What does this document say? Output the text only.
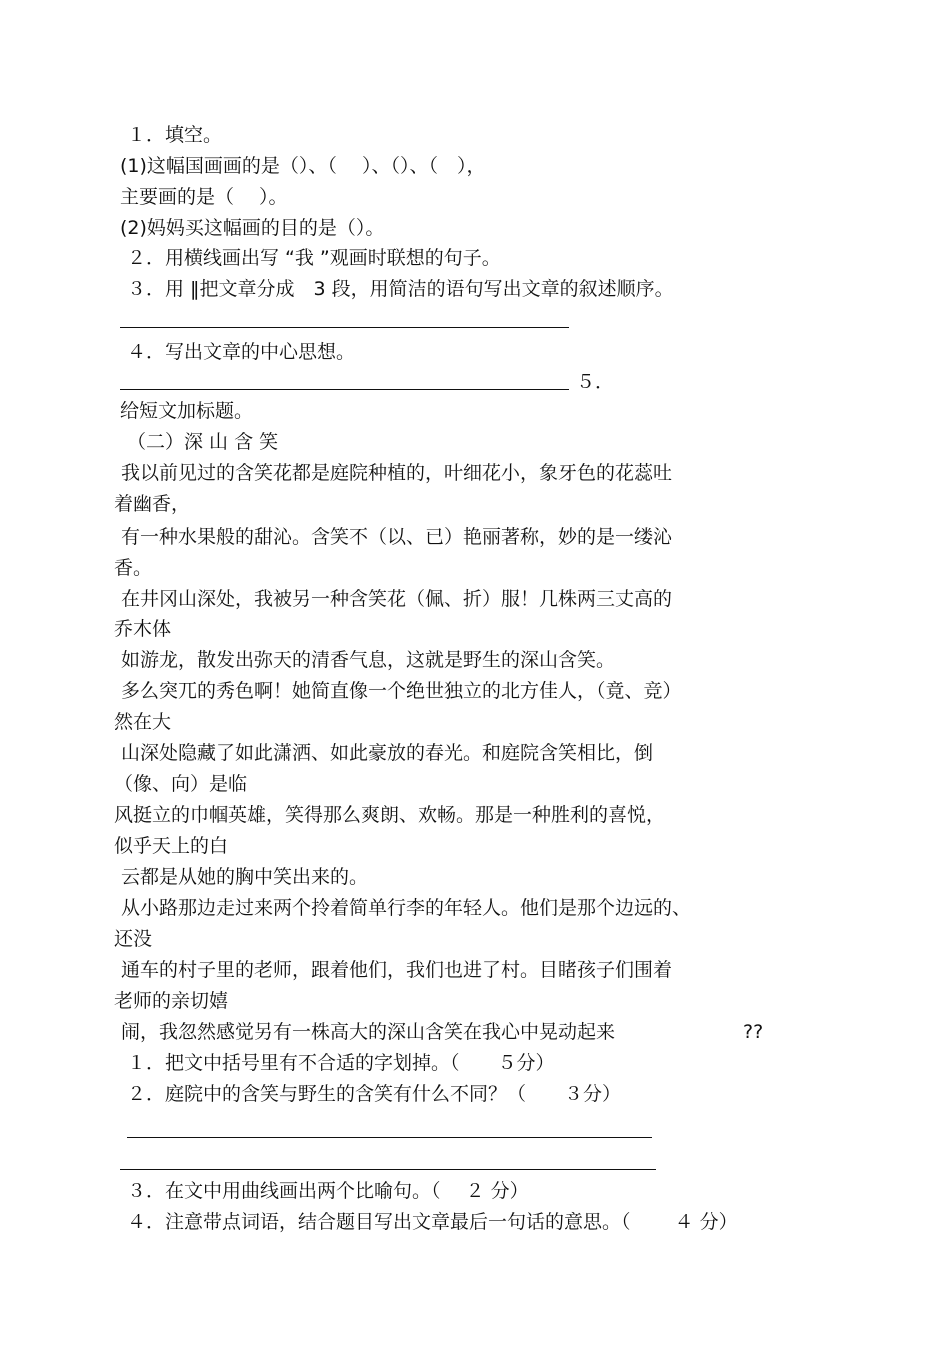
１．填空。
(1)这幅国画画的是（）、（　 ）、（）、（　），
主要画的是（　 ）。
(2)妈妈买这幅画的目的是（）。
２．用横线画出写 “我 ”观画时联想的句子。
３．用 ‖把文章分成　3 段，用简洁的语句写出文章的叙述顺序。
４．写出文章的中心思想。
５．
给短文加标题。
（二）深 山 含 笑
我以前见过的含笑花都是庭院种植的，叶细花小，象牙色的花蕊吐
着幽香，
有一种水果般的甜沁。含笑不（以、已）艳丽著称，妙的是一缕沁
香。
在井冈山深处，我被另一种含笑花（佩、折）服！几株两三丈高的
乔木体
如游龙，散发出弥天的清香气息，这就是野生的深山含笑。
多么突兀的秀色啊！她简直像一个绝世独立的北方佳人，（竟、竞）
然在大
山深处隐藏了如此潇洒、如此豪放的春光。和庭院含笑相比，倒
（像、向）是临
风挺立的巾帼英雄，笑得那么爽朗、欢畅。那是一种胜利的喜悦，
似乎天上的白
云都是从她的胸中笑出来的。
从小路那边走过来两个拎着简单行李的年轻人。他们是那个边远的、
还没
通车的村子里的老师，跟着他们，我们也进了村。目睹孩子们围着
老师的亲切嬉
闹，我忽然感觉另有一株高大的深山含笑在我心中晃动起来	??
１．把文中括号里有不合适的字划掉。（　　５分）
２．庭院中的含笑与野生的含笑有什么不同？（　　３分）
３．在文中用曲线画出两个比喻句。（　 ２ 分）
４．注意带点词语，结合题目写出文章最后一句话的意思。（　　 ４ 分）
